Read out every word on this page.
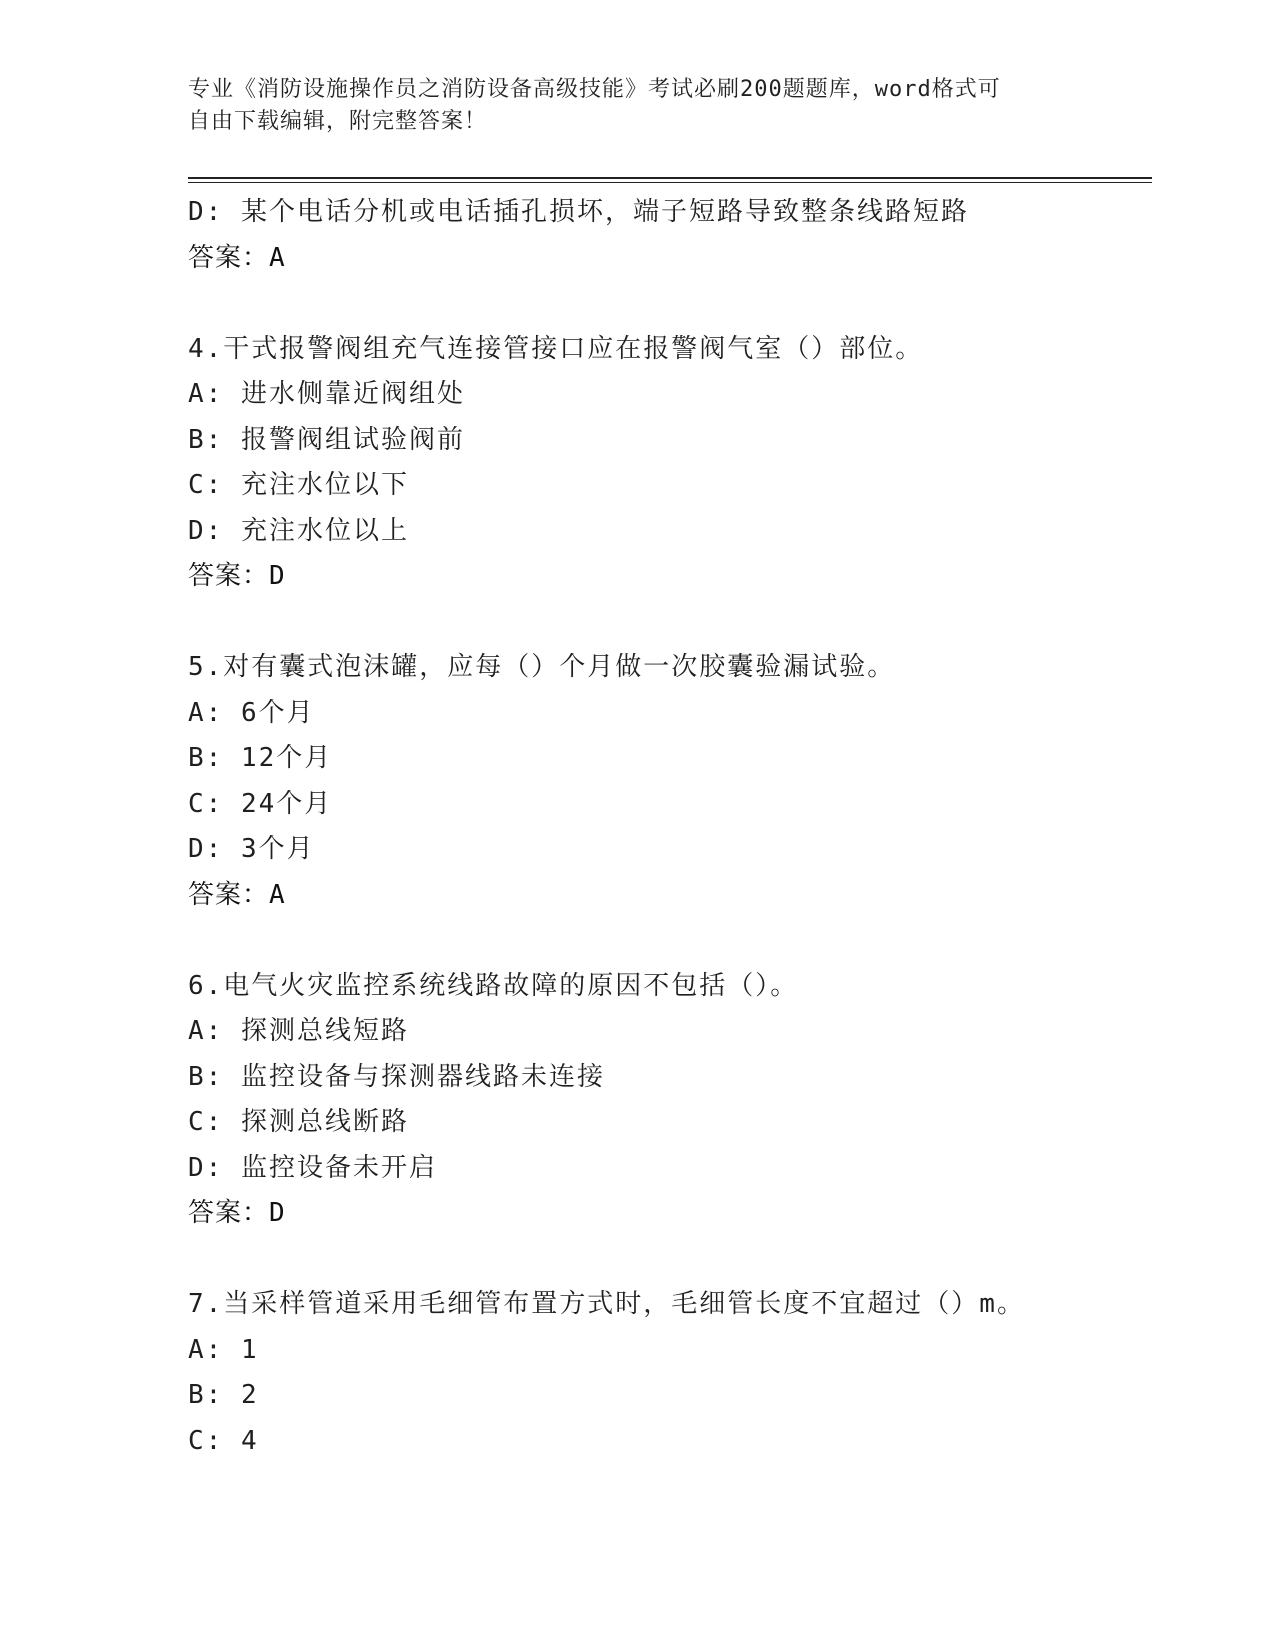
专业《消防设施操作员之消防设备高级技能》考试必刷200题题库，word格式可
自由下载编辑，附完整答案！
D: 某个电话分机或电话插孔损坏，端子短路导致整条线路短路
答案：A
4.干式报警阀组充气连接管接口应在报警阀气室（）部位。
A: 进水侧靠近阀组处
B: 报警阀组试验阀前
C: 充注水位以下
D: 充注水位以上
答案：D
5.对有囊式泡沫罐，应每（）个月做一次胶囊验漏试验。
A: 6个月
B: 12个月
C: 24个月
D: 3个月
答案：A
6.电气火灾监控系统线路故障的原因不包括（）。
A: 探测总线短路
B: 监控设备与探测器线路未连接
C: 探测总线断路
D: 监控设备未开启
答案：D
7.当采样管道采用毛细管布置方式时，毛细管长度不宜超过（）m。
A: 1
B: 2
C: 4
